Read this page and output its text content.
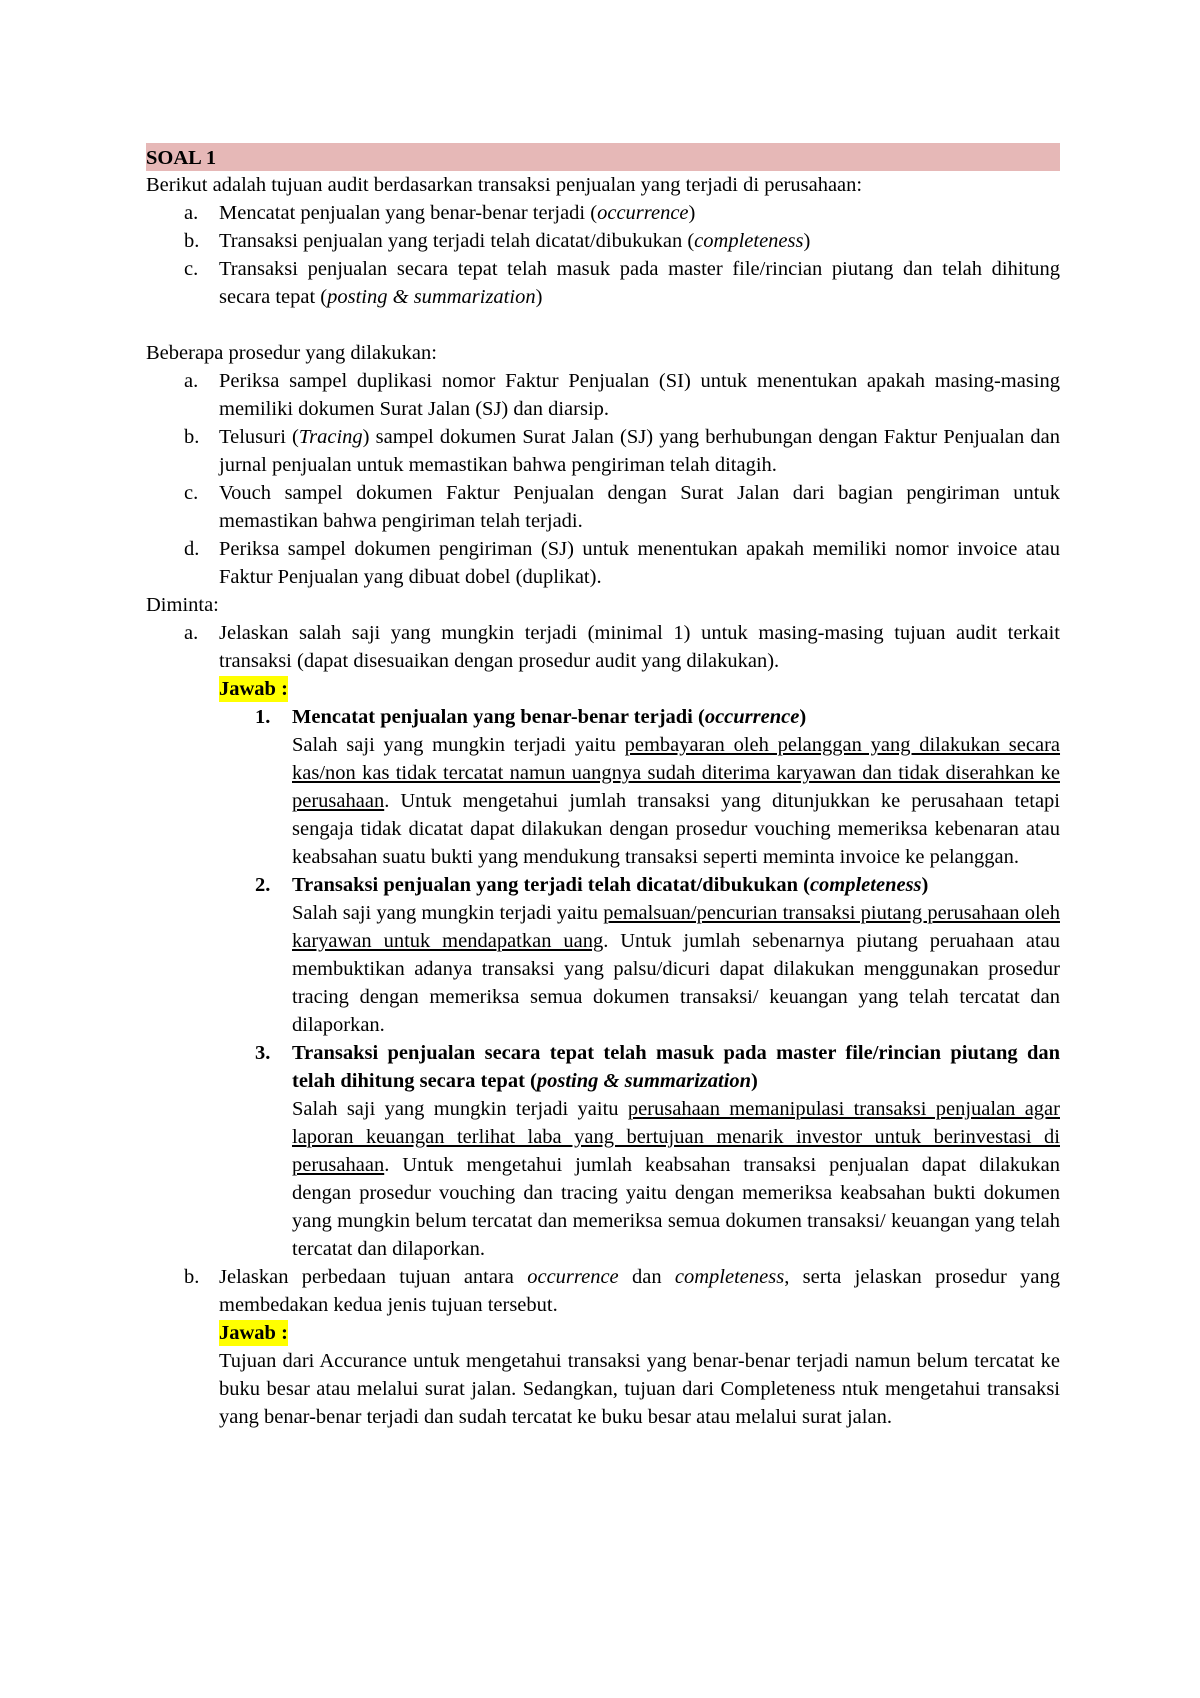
SOAL 1

Berikut adalah tujuan audit berdasarkan transaksi penjualan yang terjadi di perusahaan:

a. Mencatat penjualan yang benar-benar terjadi (occurrence)
b. Transaksi penjualan yang terjadi telah dicatat/dibukukan (completeness)
c. Transaksi penjualan secara tepat telah masuk pada master file/rincian piutang dan telah dihitung secara tepat (posting & summarization)

Beberapa prosedur yang dilakukan:

a. Periksa sampel duplikasi nomor Faktur Penjualan (SI) untuk menentukan apakah masing-masing memiliki dokumen Surat Jalan (SJ) dan diarsip.
b. Telusuri (Tracing) sampel dokumen Surat Jalan (SJ) yang berhubungan dengan Faktur Penjualan dan jurnal penjualan untuk memastikan bahwa pengiriman telah ditagih.
c. Vouch sampel dokumen Faktur Penjualan dengan Surat Jalan dari bagian pengiriman untuk memastikan bahwa pengiriman telah terjadi.
d. Periksa sampel dokumen pengiriman (SJ) untuk menentukan apakah memiliki nomor invoice atau Faktur Penjualan yang dibuat dobel (duplikat).

Diminta:

a. Jelaskan salah saji yang mungkin terjadi (minimal 1) untuk masing-masing tujuan audit terkait transaksi (dapat disesuaikan dengan prosedur audit yang dilakukan).
Jawab :
1. Mencatat penjualan yang benar-benar terjadi (occurrence)
Salah saji yang mungkin terjadi yaitu pembayaran oleh pelanggan yang dilakukan secara kas/non kas tidak tercatat namun uangnya sudah diterima karyawan dan tidak diserahkan ke perusahaan. Untuk mengetahui jumlah transaksi yang ditunjukkan ke perusahaan tetapi sengaja tidak dicatat dapat dilakukan dengan prosedur vouching memeriksa kebenaran atau keabsahan suatu bukti yang mendukung transaksi seperti meminta invoice ke pelanggan.
2. Transaksi penjualan yang terjadi telah dicatat/dibukukan (completeness)
Salah saji yang mungkin terjadi yaitu pemalsuan/pencurian transaksi piutang perusahaan oleh karyawan untuk mendapatkan uang. Untuk jumlah sebenarnya piutang peruahaan atau membuktikan adanya transaksi yang palsu/dicuri dapat dilakukan menggunakan prosedur tracing dengan memeriksa semua dokumen transaksi/ keuangan yang telah tercatat dan dilaporkan.
3. Transaksi penjualan secara tepat telah masuk pada master file/rincian piutang dan telah dihitung secara tepat (posting & summarization)
Salah saji yang mungkin terjadi yaitu perusahaan memanipulasi transaksi penjualan agar laporan keuangan terlihat laba yang bertujuan menarik investor untuk berinvestasi di perusahaan. Untuk mengetahui jumlah keabsahan transaksi penjualan dapat dilakukan dengan prosedur vouching dan tracing yaitu dengan memeriksa keabsahan bukti dokumen yang mungkin belum tercatat dan memeriksa semua dokumen transaksi/ keuangan yang telah tercatat dan dilaporkan.
b. Jelaskan perbedaan tujuan antara occurrence dan completeness, serta jelaskan prosedur yang membedakan kedua jenis tujuan tersebut.
Jawab :
Tujuan dari Accurance untuk mengetahui transaksi yang benar-benar terjadi namun belum tercatat ke buku besar atau melalui surat jalan. Sedangkan, tujuan dari Completeness ntuk mengetahui transaksi yang benar-benar terjadi dan sudah tercatat ke buku besar atau melalui surat jalan.
